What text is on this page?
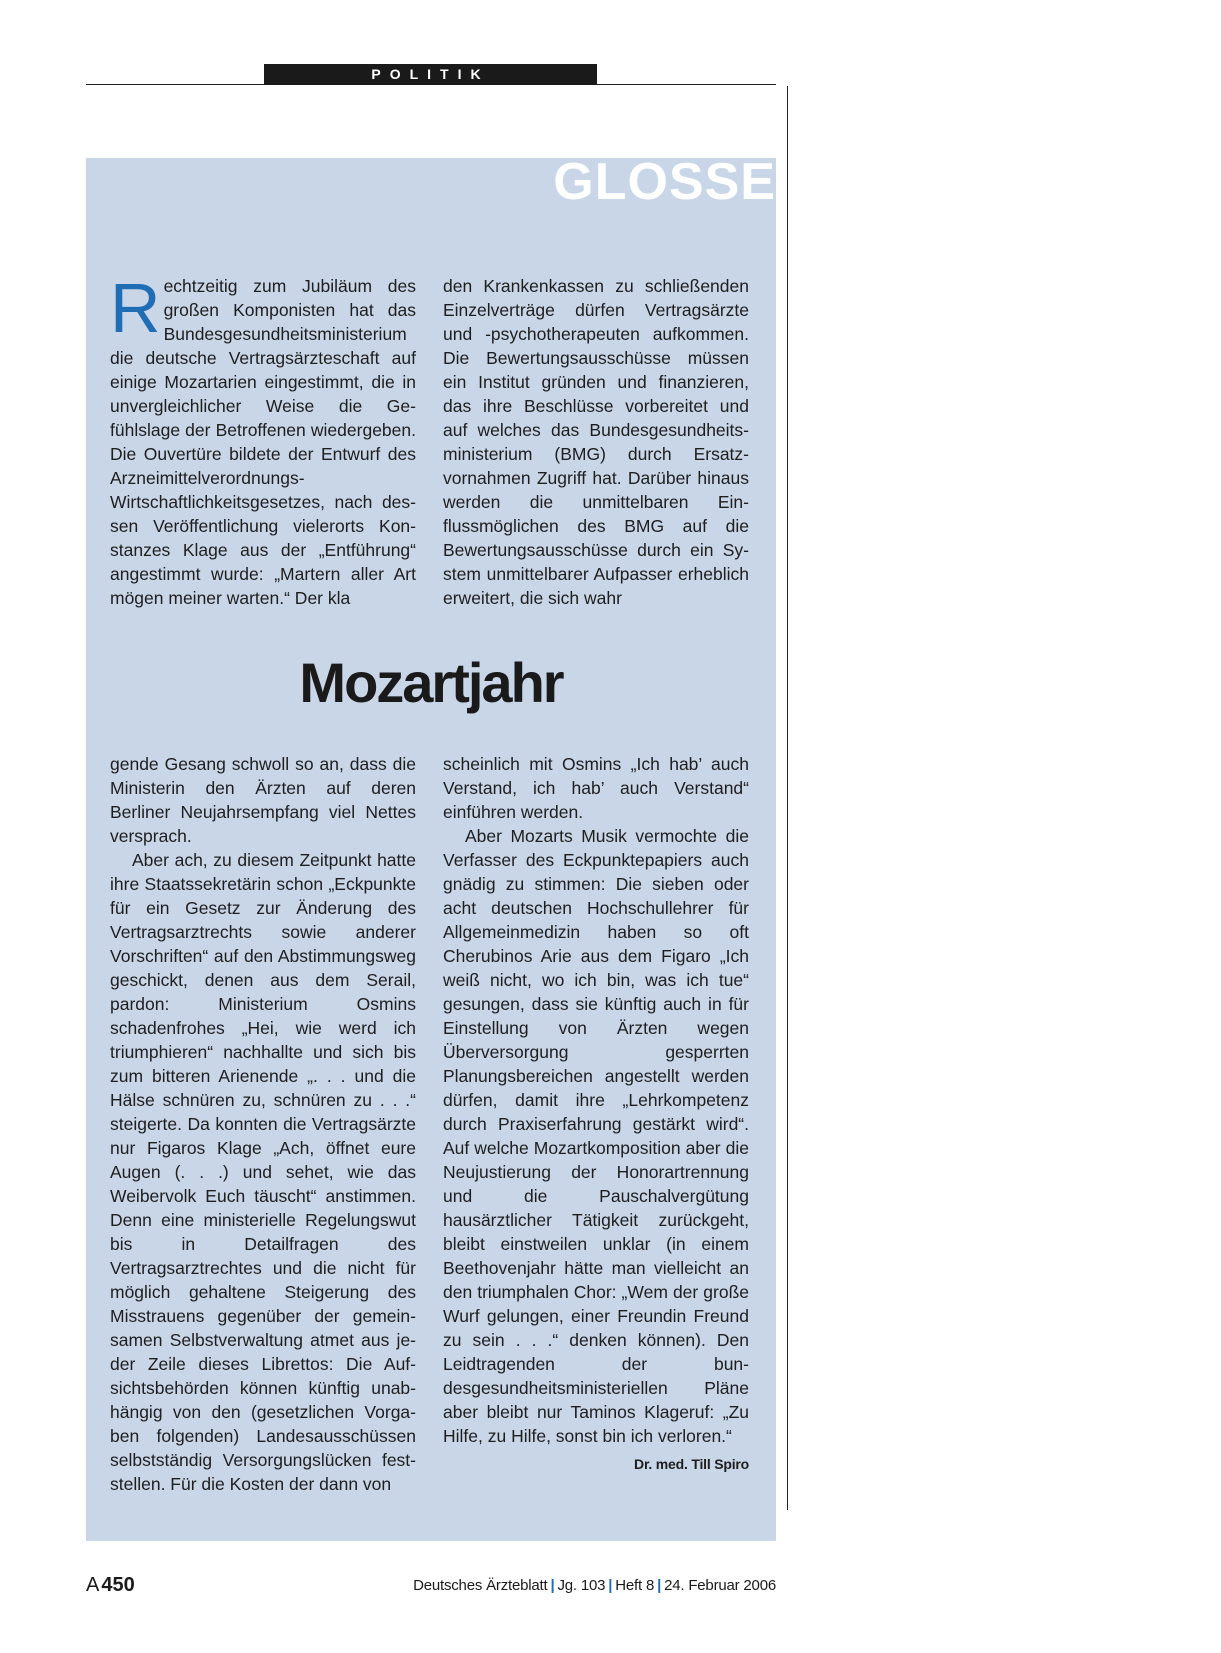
POLITIK
GLOSSE

Rechtzeitig zum Jubiläum des großen Komponisten hat das Bundesgesundheitsministerium die deutsche Vertragsärzteschaft auf einige Mozartarien eingestimmt, die in unvergleichlicher Weise die Gefühlslage der Betroffenen wiedergeben. Die Ouvertüre bildete der Entwurf des Arzneimittelverordnungs-Wirtschaftlichkeitsgesetzes, nach dessen Veröffentlichung vielerorts Konstanzes Klage aus der „Entführung“ angestimmt wurde: „Martern aller Art mögen meiner warten.“ Der kla

den Krankenkassen zu schließenden Einzelverträge dürfen Vertragsärzte und -psychotherapeuten aufkommen. Die Bewertungsausschüsse müssen ein Institut gründen und finanzieren, das ihre Beschlüsse vorbereitet und auf welches das Bundesgesundheitsministerium (BMG) durch Ersatzvornahmen Zugriff hat. Darüber hinaus werden die unmittelbaren Einflussmöglichen des BMG auf die Bewertungsausschüsse durch ein System unmittelbarer Aufpasser erheblich erweitert, die sich wahr

Mozartjahr

gende Gesang schwoll so an, dass die Ministerin den Ärzten auf deren Berliner Neujahrsempfang viel Nettes versprach.

Aber ach, zu diesem Zeitpunkt hatte ihre Staatssekretärin schon „Eckpunkte für ein Gesetz zur Änderung des Vertragsarztrechts sowie anderer Vorschriften“ auf den Abstimmungsweg geschickt, denen aus dem Serail, pardon: Ministerium Osmins schadenfrohes „Hei, wie werd ich triumphieren“ nachhallte und sich bis zum bitteren Arienende „. . . und die Hälse schnüren zu, schnüren zu . . .“ steigerte. Da konnten die Vertragsärzte nur Figaros Klage „Ach, öffnet eure Augen (. . .) und sehet, wie das Weibervolk Euch täuscht“ anstimmen. Denn eine ministerielle Regelungswut bis in Detailfragen des Vertragsarztrechtes und die nicht für möglich gehaltene Steigerung des Misstrauens gegenüber der gemeinsamen Selbstverwaltung atmet aus jeder Zeile dieses Librettos: Die Aufsichtsbehörden können künftig unabhängig von den (gesetzlichen Vorgaben folgenden) Landesausschüssen selbstständig Versorgungslücken feststellen. Für die Kosten der dann von

scheinlich mit Osmins „Ich hab’ auch Verstand, ich hab’ auch Verstand“ einführen werden.

Aber Mozarts Musik vermochte die Verfasser des Eckpunktepapiers auch gnädig zu stimmen: Die sieben oder acht deutschen Hochschullehrer für Allgemeinmedizin haben so oft Cherubinos Arie aus dem Figaro „Ich weiß nicht, wo ich bin, was ich tue“ gesungen, dass sie künftig auch in für Einstellung von Ärzten wegen Überversorgung gesperrten Planungsbereichen angestellt werden dürfen, damit ihre „Lehrkompetenz durch Praxiserfahrung gestärkt wird“. Auf welche Mozartkomposition aber die Neujustierung der Honorartrennung und die Pauschalvergütung hausärztlicher Tätigkeit zurückgeht, bleibt einstweilen unklar (in einem Beethovenjahr hätte man vielleicht an den triumphalen Chor: „Wem der große Wurf gelungen, einer Freundin Freund zu sein . . .“ denken können). Den Leidtragenden der bundesgesundheitsministeriellen Pläne aber bleibt nur Taminos Klageruf: „Zu Hilfe, zu Hilfe, sonst bin ich verloren.“
Dr. med. Till Spiro

A 450	Deutsches Ärzteblatt | Jg. 103 | Heft 8 | 24. Februar 2006
